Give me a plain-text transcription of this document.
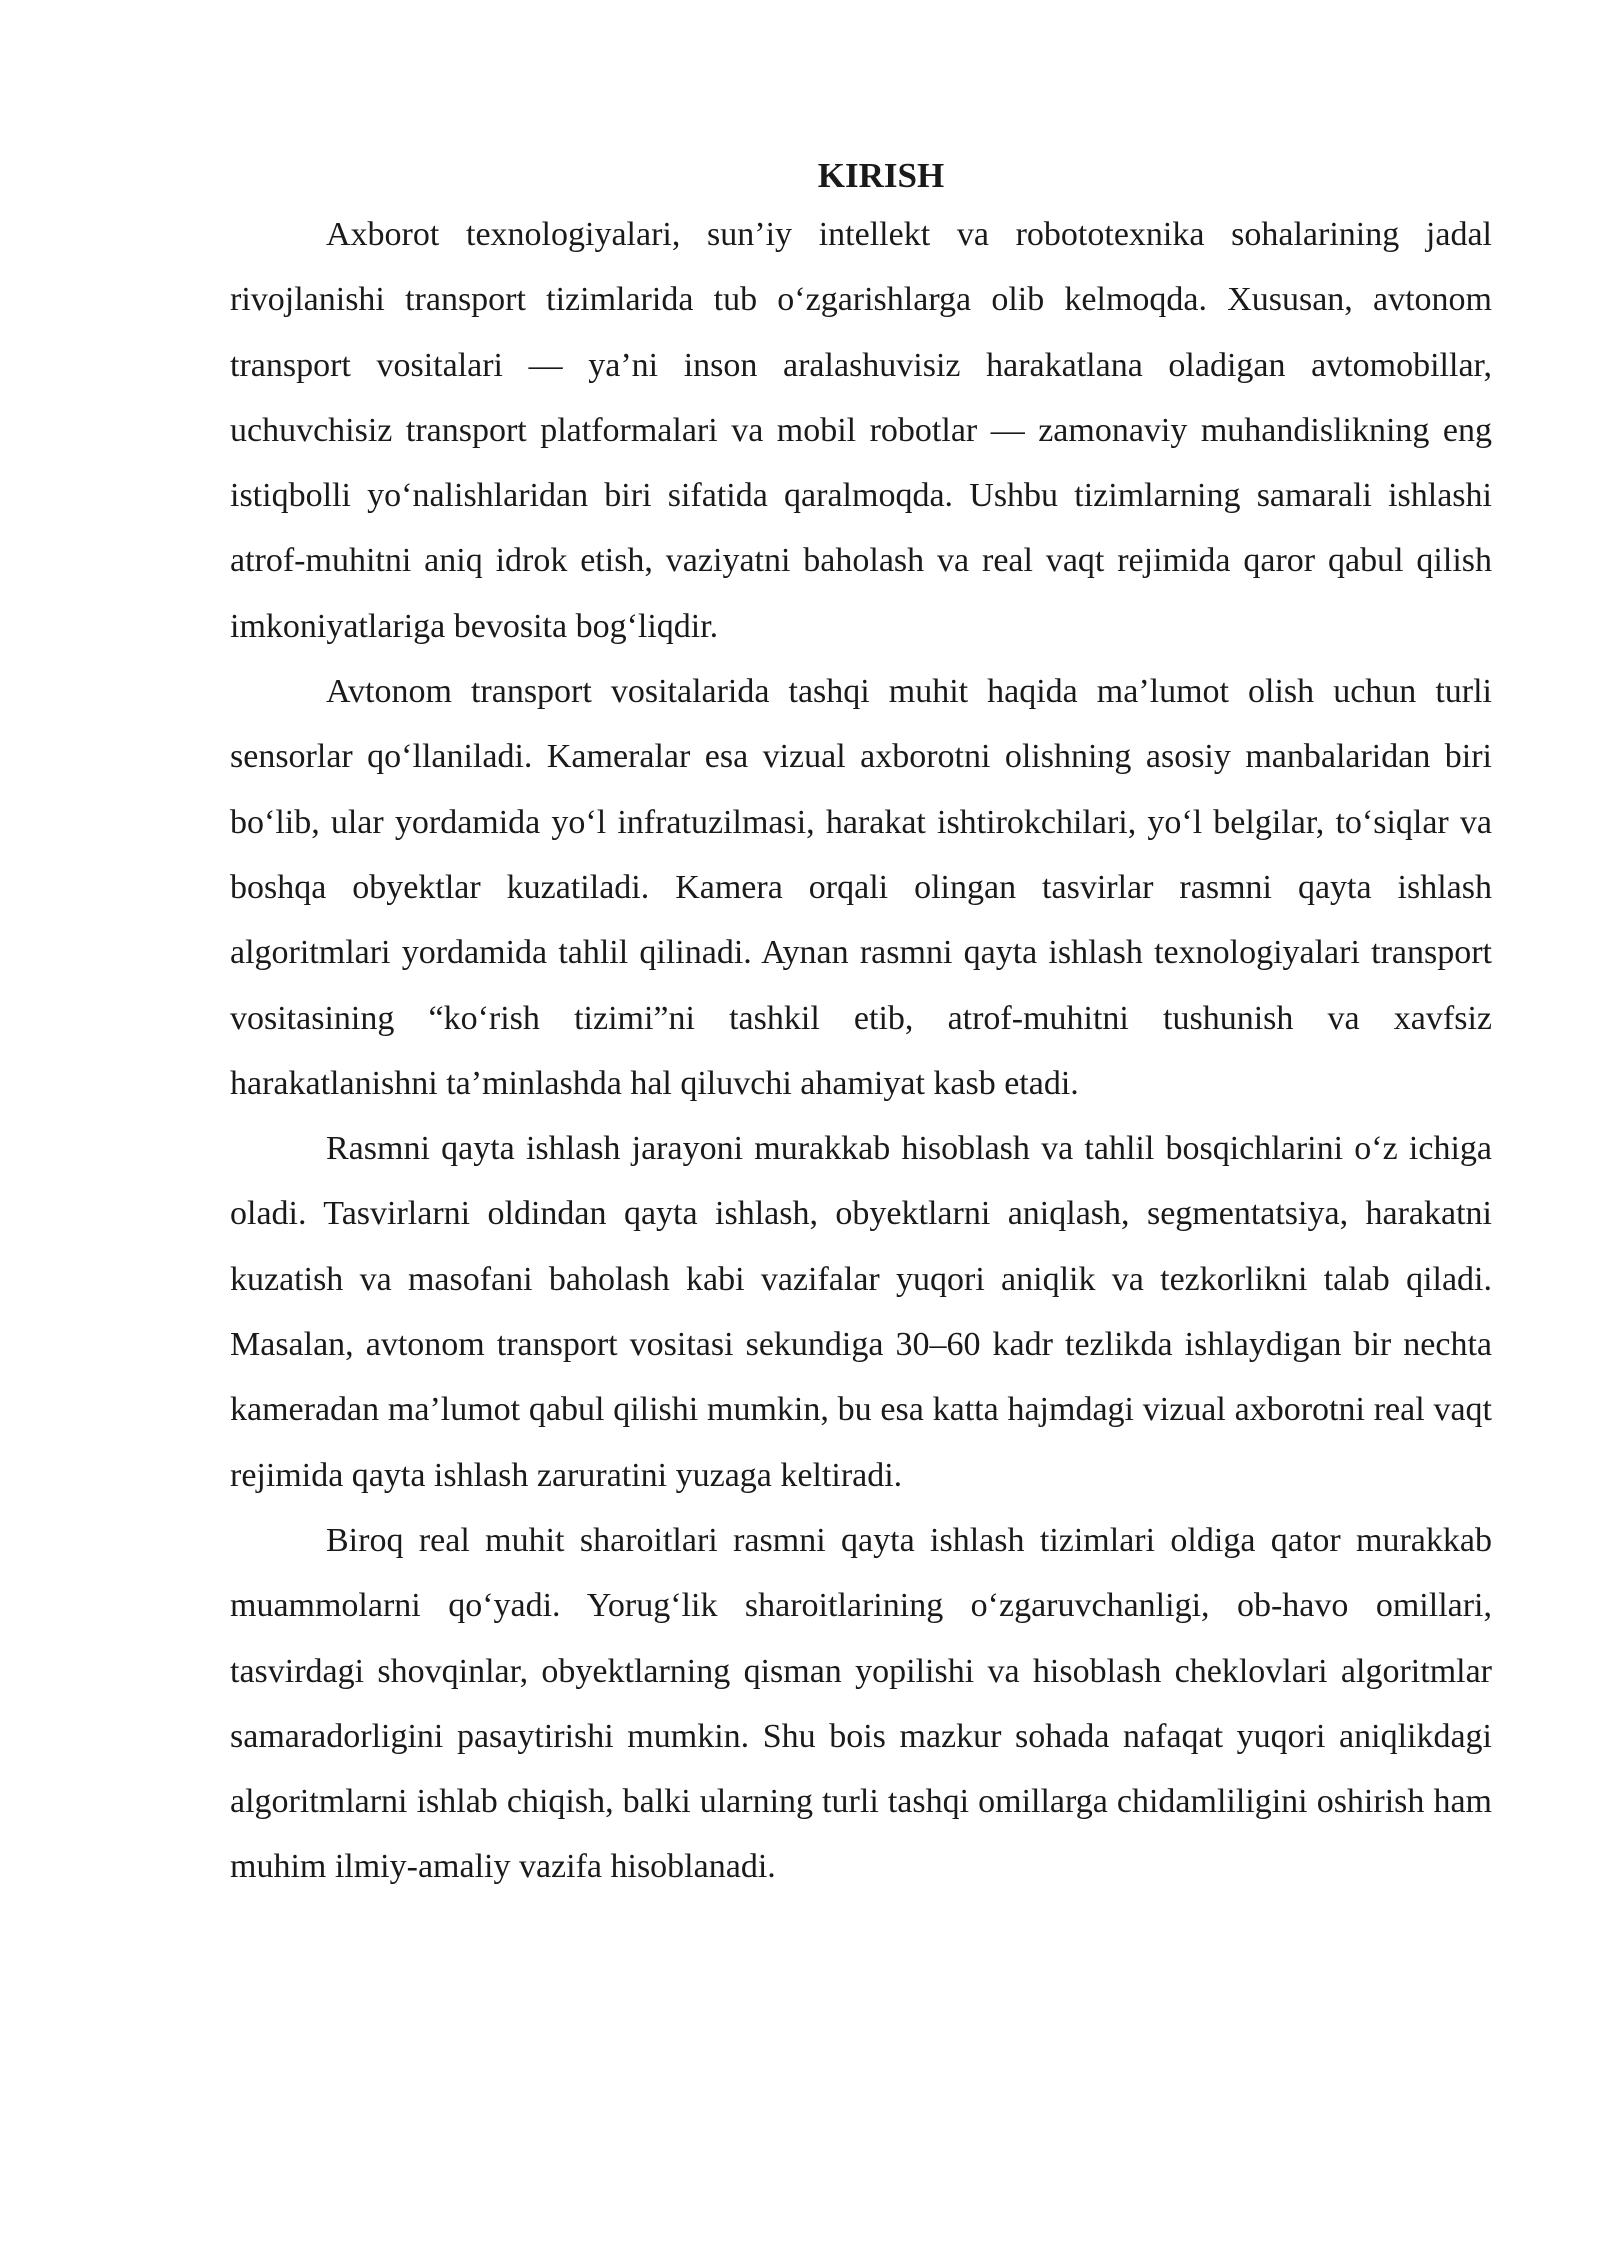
KIRISH

Axborot texnologiyalari, sun’iy intellekt va robototexnika sohalarining jadal rivojlanishi transport tizimlarida tub o‘zgarishlarga olib kelmoqda. Xususan, avtonom transport vositalari — ya’ni inson aralashuvisiz harakatlana oladigan avtomobillar, uchuvchisiz transport platformalari va mobil robotlar — zamonaviy muhandislikning eng istiqbolli yo‘nalishlaridan biri sifatida qaralmoqda. Ushbu tizimlarning samarali ishlashi atrof-muhitni aniq idrok etish, vaziyatni baholash va real vaqt rejimida qaror qabul qilish imkoniyatlariga bevosita bog‘liqdir.

Avtonom transport vositalarida tashqi muhit haqida ma’lumot olish uchun turli sensorlar qo‘llaniladi. Kameralar esa vizual axborotni olishning asosiy manbalaridan biri bo‘lib, ular yordamida yo‘l infratuzilmasi, harakat ishtirokchilari, yo‘l belgilar, to‘siqlar va boshqa obyektlar kuzatiladi. Kamera orqali olingan tasvirlar rasmni qayta ishlash algoritmlari yordamida tahlil qilinadi. Aynan rasmni qayta ishlash texnologiyalari transport vositasining “ko‘rish tizimi”ni tashkil etib, atrof-muhitni tushunish va xavfsiz harakatlanishni ta’minlashda hal qiluvchi ahamiyat kasb etadi.

Rasmni qayta ishlash jarayoni murakkab hisoblash va tahlil bosqichlarini o‘z ichiga oladi. Tasvirlarni oldindan qayta ishlash, obyektlarni aniqlash, segmentatsiya, harakatni kuzatish va masofani baholash kabi vazifalar yuqori aniqlik va tezkorlikni talab qiladi. Masalan, avtonom transport vositasi sekundiga 30–60 kadr tezlikda ishlaydigan bir nechta kameradan ma’lumot qabul qilishi mumkin, bu esa katta hajmdagi vizual axborotni real vaqt rejimida qayta ishlash zaruratini yuzaga keltiradi.

Biroq real muhit sharoitlari rasmni qayta ishlash tizimlari oldiga qator murakkab muammolarni qo‘yadi. Yorug‘lik sharoitlarining o‘zgaruvchanligi, ob-havo omillari, tasvirdagi shovqinlar, obyektlarning qisman yopilishi va hisoblash cheklovlari algoritmlar samaradorligini pasaytirishi mumkin. Shu bois mazkur sohada nafaqat yuqori aniqlikdagi algoritmlarni ishlab chiqish, balki ularning turli tashqi omillarga chidamliligini oshirish ham muhim ilmiy-amaliy vazifa hisoblanadi.
